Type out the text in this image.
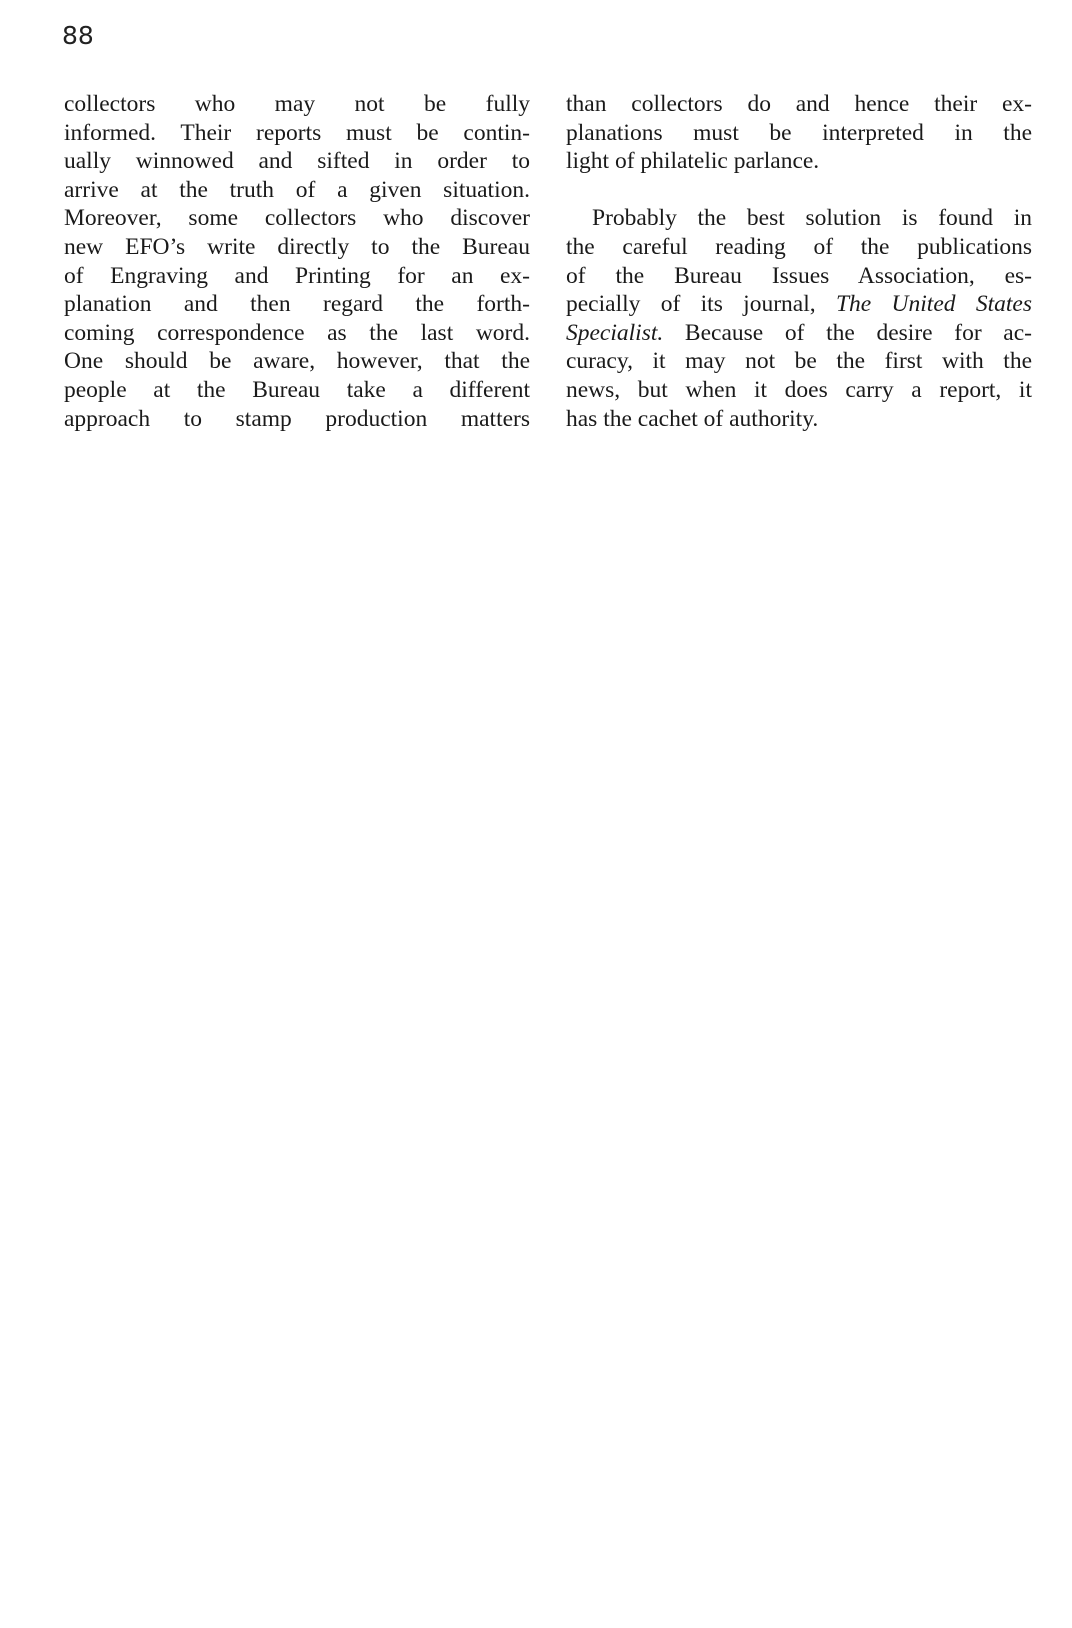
88
collectors who may not be fully
informed. Their reports must be contin-
ually winnowed and sifted in order to
arrive at the truth of a given situation.
Moreover, some collectors who discover
new EFO’s write directly to the Bureau
of Engraving and Printing for an ex-
planation and then regard the forth-
coming correspondence as the last word.
One should be aware, however, that the
people at the Bureau take a different
approach to stamp production matters
than collectors do and hence their ex-
planations must be interpreted in the
light of philatelic parlance.
Probably the best solution is found in
the careful reading of the publications
of the Bureau Issues Association, es-
pecially of its journal, The United States
Specialist. Because of the desire for ac-
curacy, it may not be the first with the
news, but when it does carry a report, it
has the cachet of authority.
